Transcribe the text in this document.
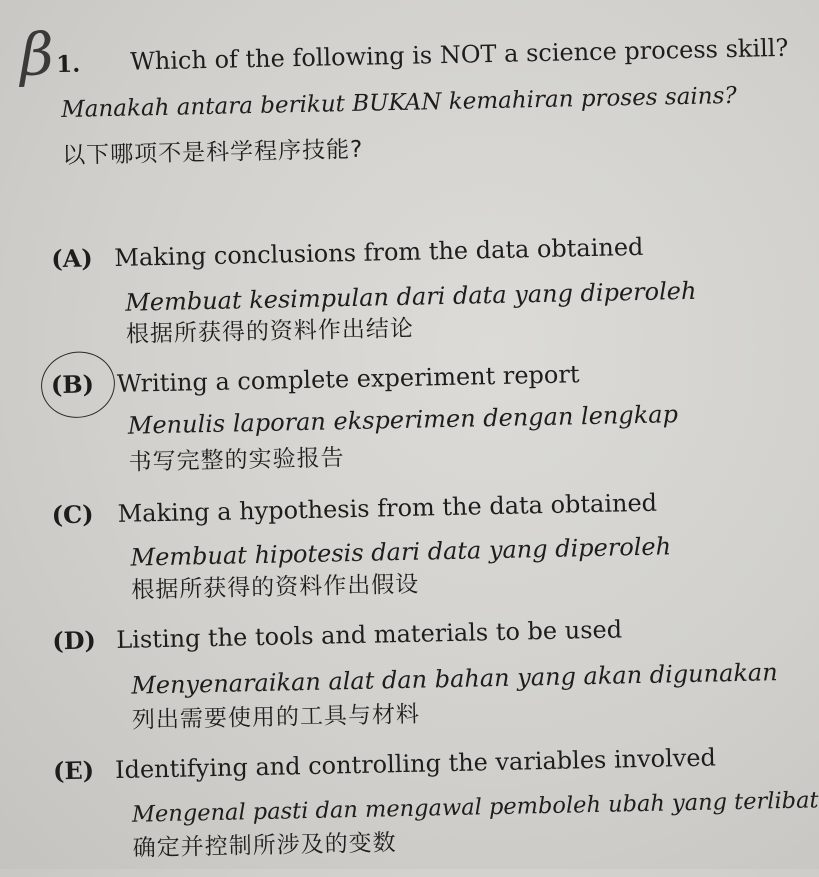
β 1. Which of the following is NOT a science process skill?
Manakah antara berikut BUKAN kemahiran proses sains?
以下哪项不是科学程序技能?
(A) Making conclusions from the data obtained
Membuat kesimpulan dari data yang diperoleh
根据所获得的资料作出结论
(B) Writing a complete experiment report
Menulis laporan eksperimen dengan lengkap
书写完整的实验报告
(C) Making a hypothesis from the data obtained
Membuat hipotesis dari data yang diperoleh
根据所获得的资料作出假设
(D) Listing the tools and materials to be used
Menyenaraikan alat dan bahan yang akan digunakan
列出需要使用的工具与材料
(E) Identifying and controlling the variables involved
Mengenal pasti dan mengawal pemboleh ubah yang terlibat
确定并控制所涉及的变数
